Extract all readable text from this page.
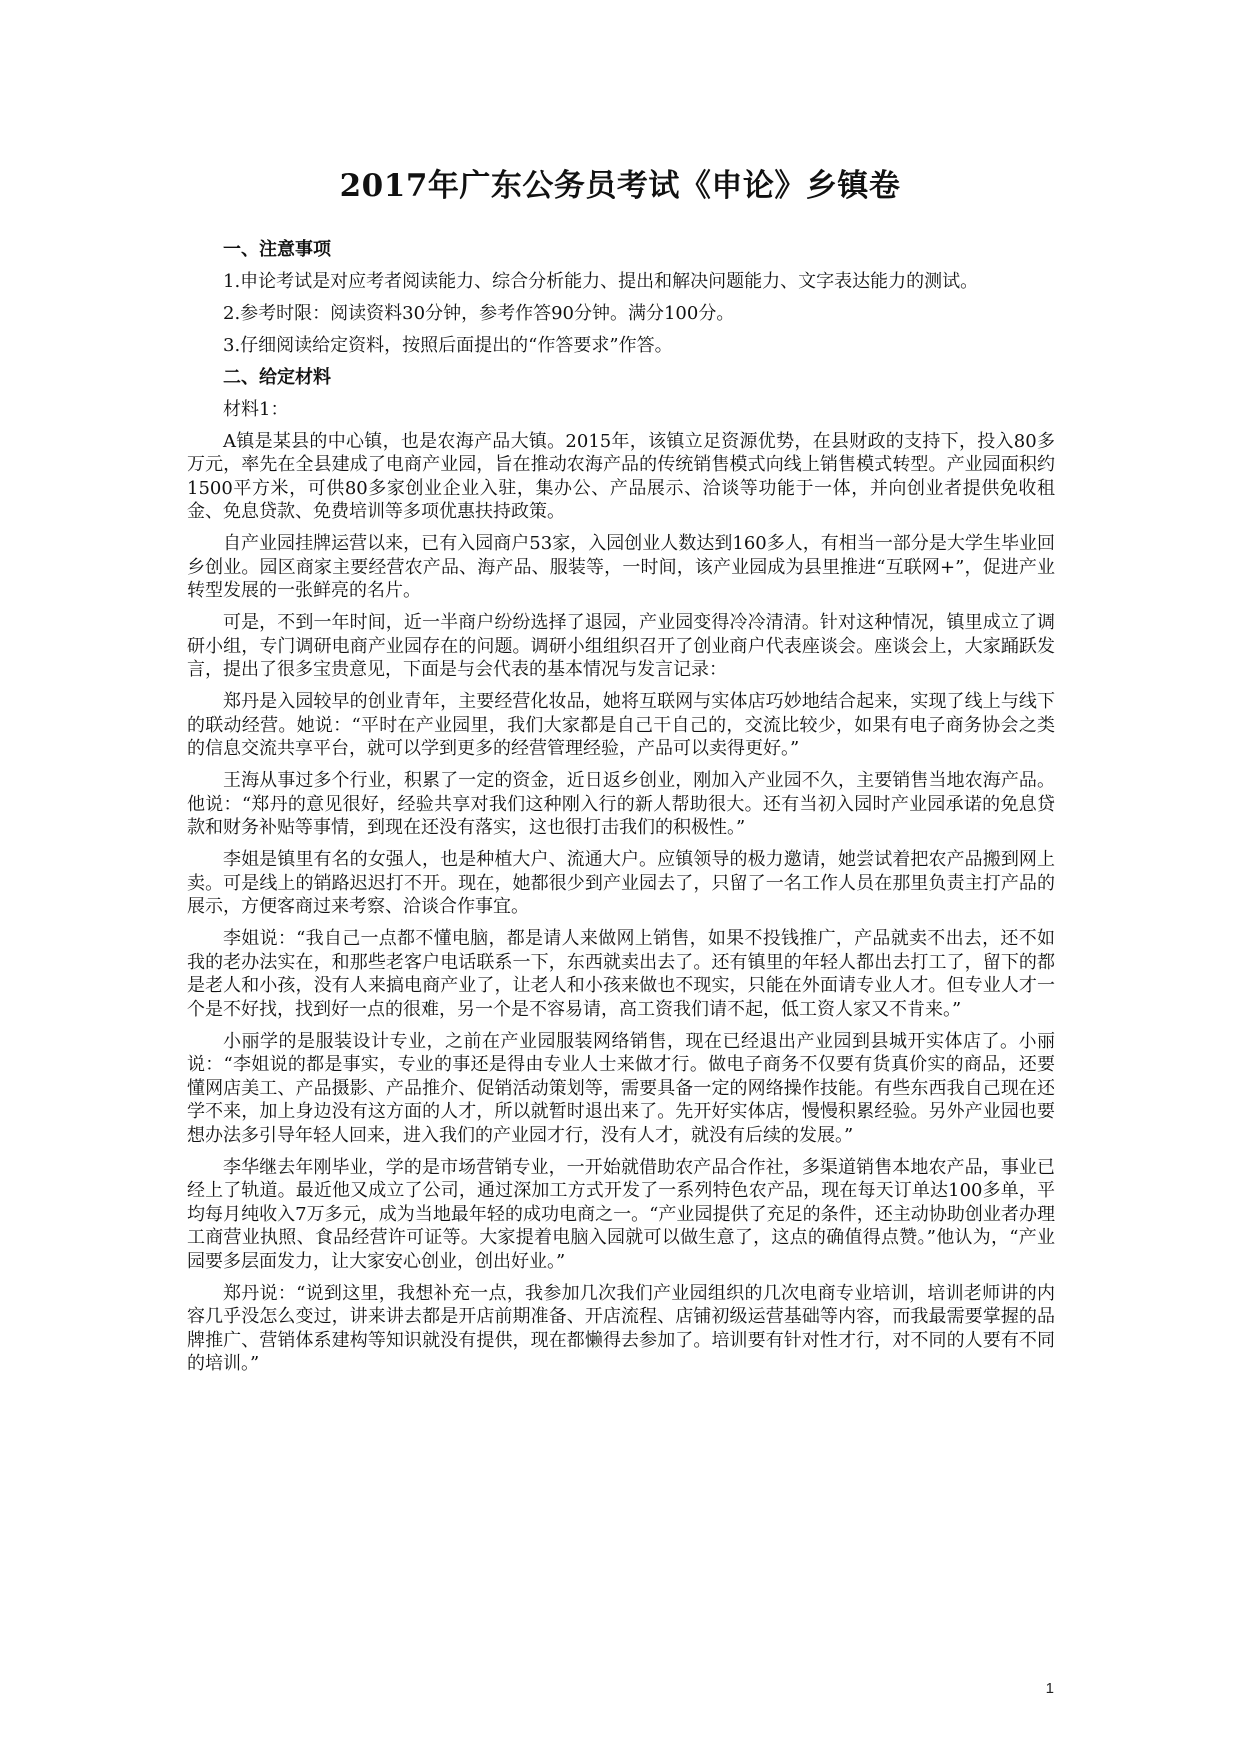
2017年广东公务员考试《申论》乡镇卷

一、注意事项

1.申论考试是对应考者阅读能力、综合分析能力、提出和解决问题能力、文字表达能力的测试。

2.参考时限：阅读资料30分钟，参考作答90分钟。满分100分。

3.仔细阅读给定资料，按照后面提出的“作答要求”作答。

二、给定材料

材料1：

A镇是某县的中心镇，也是农海产品大镇。2015年，该镇立足资源优势，在县财政的支持下，投入80多万元，率先在全县建成了电商产业园，旨在推动农海产品的传统销售模式向线上销售模式转型。产业园面积约1500平方米，可供80多家创业企业入驻，集办公、产品展示、洽谈等功能于一体，并向创业者提供免收租金、免息贷款、免费培训等多项优惠扶持政策。

自产业园挂牌运营以来，已有入园商户53家，入园创业人数达到160多人，有相当一部分是大学生毕业回乡创业。园区商家主要经营农产品、海产品、服装等，一时间，该产业园成为县里推进“互联网+”，促进产业转型发展的一张鲜亮的名片。

可是，不到一年时间，近一半商户纷纷选择了退园，产业园变得冷冷清清。针对这种情况，镇里成立了调研小组，专门调研电商产业园存在的问题。调研小组组织召开了创业商户代表座谈会。座谈会上，大家踊跃发言，提出了很多宝贵意见，下面是与会代表的基本情况与发言记录：

郑丹是入园较早的创业青年，主要经营化妆品，她将互联网与实体店巧妙地结合起来，实现了线上与线下的联动经营。她说：“平时在产业园里，我们大家都是自己干自己的，交流比较少，如果有电子商务协会之类的信息交流共享平台，就可以学到更多的经营管理经验，产品可以卖得更好。”

王海从事过多个行业，积累了一定的资金，近日返乡创业，刚加入产业园不久，主要销售当地农海产品。他说：“郑丹的意见很好，经验共享对我们这种刚入行的新人帮助很大。还有当初入园时产业园承诺的免息贷款和财务补贴等事情，到现在还没有落实，这也很打击我们的积极性。”

李姐是镇里有名的女强人，也是种植大户、流通大户。应镇领导的极力邀请，她尝试着把农产品搬到网上卖。可是线上的销路迟迟打不开。现在，她都很少到产业园去了，只留了一名工作人员在那里负责主打产品的展示，方便客商过来考察、洽谈合作事宜。

李姐说：“我自己一点都不懂电脑，都是请人来做网上销售，如果不投钱推广，产品就卖不出去，还不如我的老办法实在，和那些老客户电话联系一下，东西就卖出去了。还有镇里的年轻人都出去打工了，留下的都是老人和小孩，没有人来搞电商产业了，让老人和小孩来做也不现实，只能在外面请专业人才。但专业人才一个是不好找，找到好一点的很难，另一个是不容易请，高工资我们请不起，低工资人家又不肯来。”

小丽学的是服装设计专业，之前在产业园服装网络销售，现在已经退出产业园到县城开实体店了。小丽说：“李姐说的都是事实，专业的事还是得由专业人士来做才行。做电子商务不仅要有货真价实的商品，还要懂网店美工、产品摄影、产品推介、促销活动策划等，需要具备一定的网络操作技能。有些东西我自己现在还学不来，加上身边没有这方面的人才，所以就暂时退出来了。先开好实体店，慢慢积累经验。另外产业园也要想办法多引导年轻人回来，进入我们的产业园才行，没有人才，就没有后续的发展。”

李华继去年刚毕业，学的是市场营销专业，一开始就借助农产品合作社，多渠道销售本地农产品，事业已经上了轨道。最近他又成立了公司，通过深加工方式开发了一系列特色农产品，现在每天订单达100多单，平均每月纯收入7万多元，成为当地最年轻的成功电商之一。“产业园提供了充足的条件，还主动协助创业者办理工商营业执照、食品经营许可证等。大家提着电脑入园就可以做生意了，这点的确值得点赞。”他认为，“产业园要多层面发力，让大家安心创业，创出好业。”

郑丹说：“说到这里，我想补充一点，我参加几次我们产业园组织的几次电商专业培训，培训老师讲的内容几乎没怎么变过，讲来讲去都是开店前期准备、开店流程、店铺初级运营基础等内容，而我最需要掌握的品牌推广、营销体系建构等知识就没有提供，现在都懒得去参加了。培训要有针对性才行，对不同的人要有不同的培训。”

1
